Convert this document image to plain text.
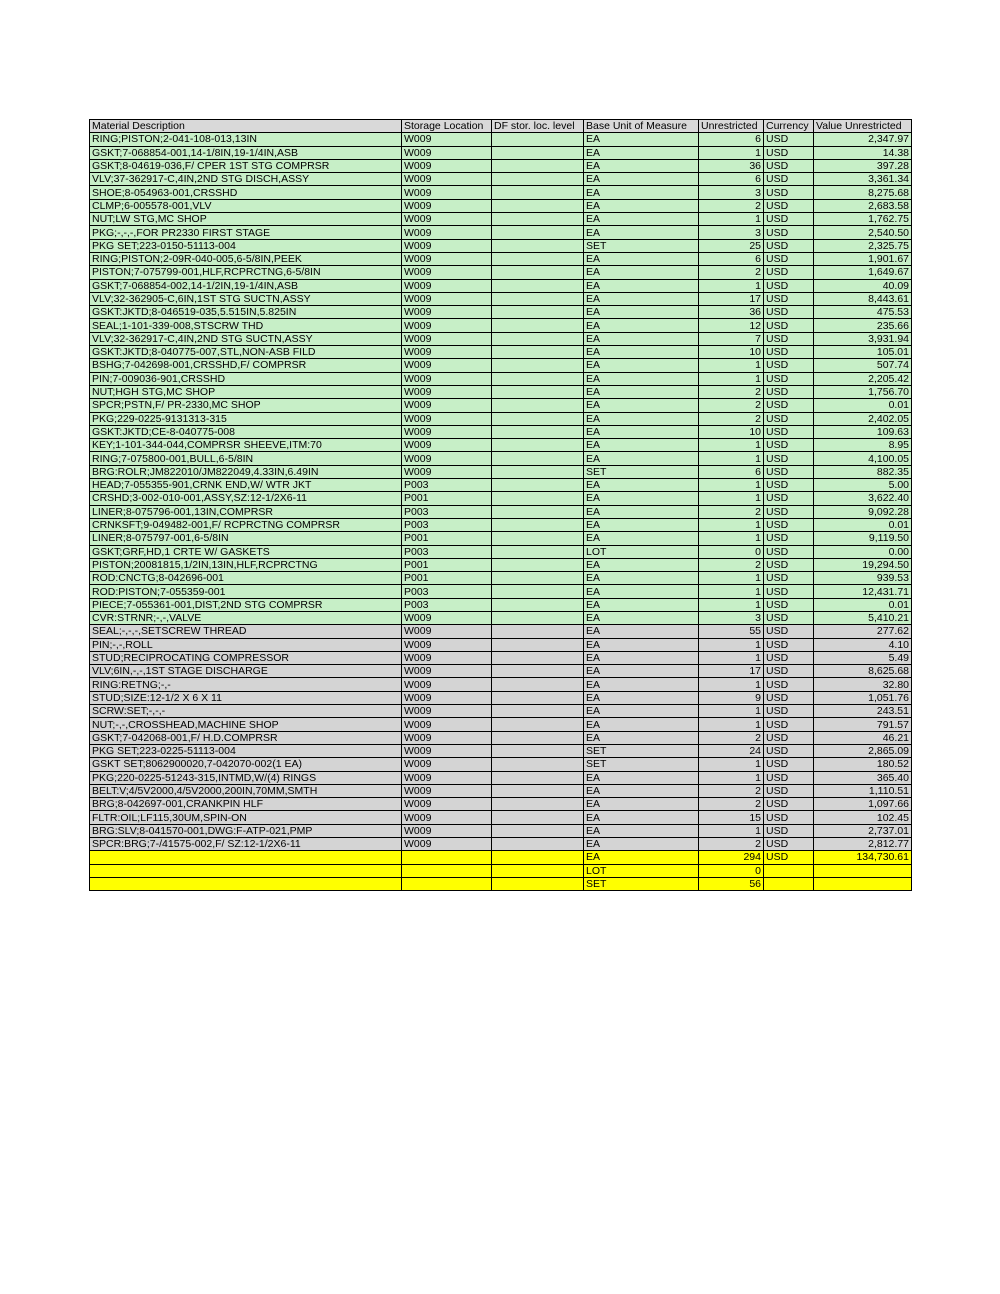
Material Description	Storage Location	DF stor. loc. level	Base Unit of Measure	Unrestricted	Currency	Value Unrestricted
RING;PISTON;2-041-108-013,13IN	W009		EA	6	USD	2,347.97
GSKT;7-068854-001,14-1/8IN,19-1/4IN,ASB	W009		EA	1	USD	14.38
GSKT;8-04619-036,F/ CPER 1ST STG COMPRSR	W009		EA	36	USD	397.28
VLV;37-362917-C,4IN,2ND STG DISCH,ASSY	W009		EA	6	USD	3,361.34
SHOE;8-054963-001,CRSSHD	W009		EA	3	USD	8,275.68
CLMP;6-005578-001,VLV	W009		EA	2	USD	2,683.58
NUT;LW STG,MC SHOP	W009		EA	1	USD	1,762.75
PKG;-,-,-,FOR PR2330 FIRST STAGE	W009		EA	3	USD	2,540.50
PKG SET;223-0150-51113-004	W009		SET	25	USD	2,325.75
RING;PISTON;2-09R-040-005,6-5/8IN,PEEK	W009		EA	6	USD	1,901.67
PISTON;7-075799-001,HLF,RCPRCTNG,6-5/8IN	W009		EA	2	USD	1,649.67
GSKT;7-068854-002,14-1/2IN,19-1/4IN,ASB	W009		EA	1	USD	40.09
VLV;32-362905-C,6IN,1ST STG SUCTN,ASSY	W009		EA	17	USD	8,443.61
GSKT:JKTD;8-046519-035,5.515IN,5.825IN	W009		EA	36	USD	475.53
SEAL;1-101-339-008,STSCRW THD	W009		EA	12	USD	235.66
VLV;32-362917-C,4IN,2ND STG SUCTN,ASSY	W009		EA	7	USD	3,931.94
GSKT:JKTD;8-040775-007,STL,NON-ASB FILD	W009		EA	10	USD	105.01
BSHG;7-042698-001,CRSSHD,F/ COMPRSR	W009		EA	1	USD	507.74
PIN;7-009036-901,CRSSHD	W009		EA	1	USD	2,205.42
NUT;HGH STG,MC SHOP	W009		EA	2	USD	1,756.70
SPCR;PSTN,F/ PR-2330,MC SHOP	W009		EA	2	USD	0.01
PKG;229-0225-9131313-315	W009		EA	2	USD	2,402.05
GSKT:JKTD;CE-8-040775-008	W009		EA	10	USD	109.63
KEY;1-101-344-044,COMPRSR SHEEVE,ITM:70	W009		EA	1	USD	8.95
RING;7-075800-001,BULL,6-5/8IN	W009		EA	1	USD	4,100.05
BRG:ROLR;JM822010/JM822049,4.33IN,6.49IN	W009		SET	6	USD	882.35
HEAD;7-055355-901,CRNK END,W/ WTR JKT	P003		EA	1	USD	5.00
CRSHD;3-002-010-001,ASSY,SZ:12-1/2X6-11	P001		EA	1	USD	3,622.40
LINER;8-075796-001,13IN,COMPRSR	P003		EA	2	USD	9,092.28
CRNKSFT;9-049482-001,F/ RCPRCTNG COMPRSR	P003		EA	1	USD	0.01
LINER;8-075797-001,6-5/8IN	P001		EA	1	USD	9,119.50
GSKT;GRF,HD,1 CRTE W/ GASKETS	P003		LOT	0	USD	0.00
PISTON;20081815,1/2IN,13IN,HLF,RCPRCTNG	P001		EA	2	USD	19,294.50
ROD:CNCTG;8-042696-001	P001		EA	1	USD	939.53
ROD:PISTON;7-055359-001	P003		EA	1	USD	12,431.71
PIECE;7-055361-001,DIST,2ND STG COMPRSR	P003		EA	1	USD	0.01
CVR:STRNR;-,-,VALVE	W009		EA	3	USD	5,410.21
SEAL;-,-,-,SETSCREW THREAD	W009		EA	55	USD	277.62
PIN;-,-,ROLL	W009		EA	1	USD	4.10
STUD;RECIPROCATING COMPRESSOR	W009		EA	1	USD	5.49
VLV;6IN,-,-,1ST STAGE DISCHARGE	W009		EA	17	USD	8,625.68
RING:RETNG;-,-	W009		EA	1	USD	32.80
STUD;SIZE:12-1/2 X 6 X 11	W009		EA	9	USD	1,051.76
SCRW:SET;-,-,-	W009		EA	1	USD	243.51
NUT;-,-,CROSSHEAD,MACHINE SHOP	W009		EA	1	USD	791.57
GSKT;7-042068-001,F/ H.D.COMPRSR	W009		EA	2	USD	46.21
PKG SET;223-0225-51113-004	W009		SET	24	USD	2,865.09
GSKT SET;8062900020,7-042070-002(1 EA)	W009		SET	1	USD	180.52
PKG;220-0225-51243-315,INTMD,W/(4) RINGS	W009		EA	1	USD	365.40
BELT:V;4/5V2000,4/5V2000,200IN,70MM,SMTH	W009		EA	2	USD	1,110.51
BRG;8-042697-001,CRANKPIN HLF	W009		EA	2	USD	1,097.66
FLTR:OIL;LF115,30UM,SPIN-ON	W009		EA	15	USD	102.45
BRG:SLV;8-041570-001,DWG:F-ATP-021,PMP	W009		EA	1	USD	2,737.01
SPCR:BRG;7-/41575-002,F/ SZ:12-1/2X6-11	W009		EA	2	USD	2,812.77
			EA	294	USD	134,730.61
			LOT	0		
			SET	56		
